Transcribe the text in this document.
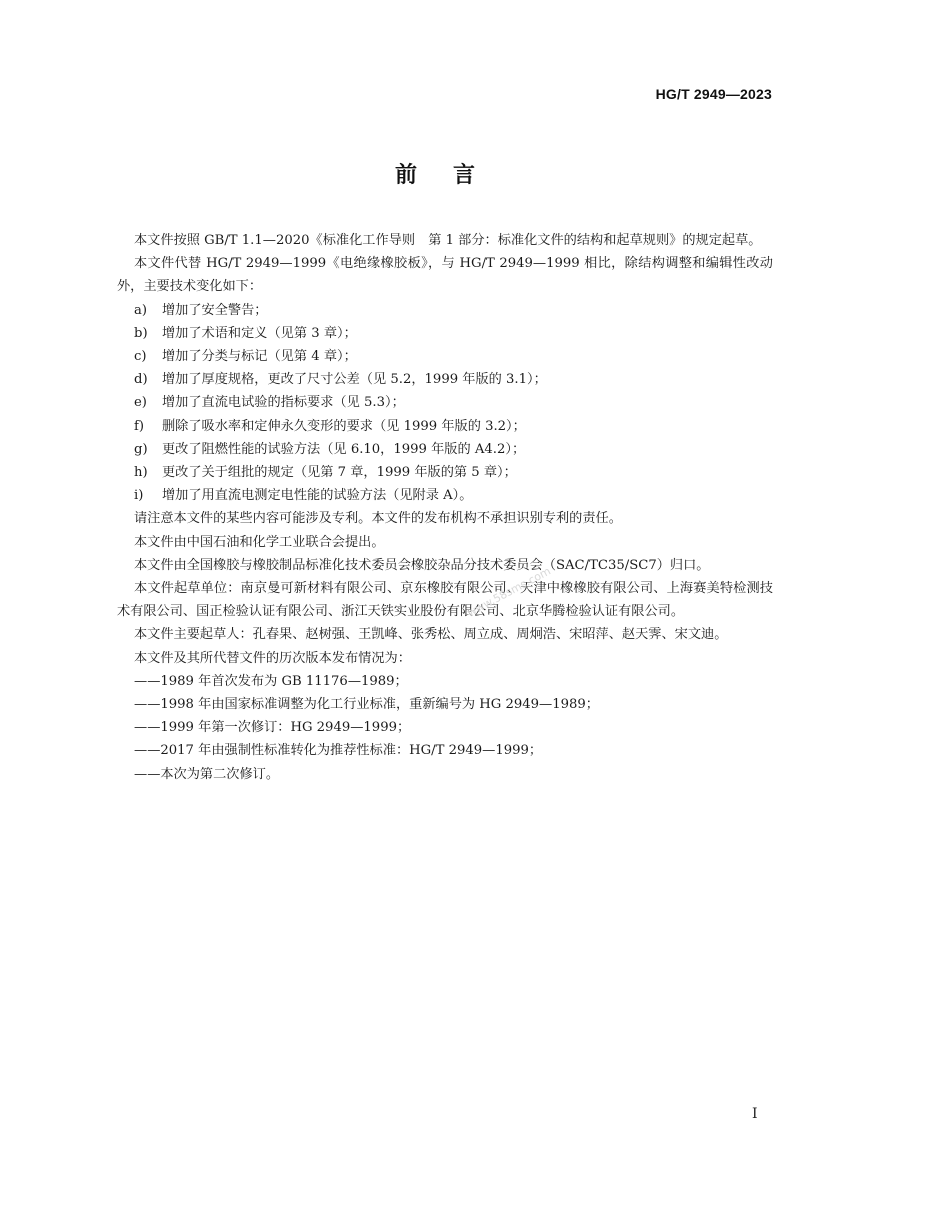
HG/T 2949—2023
前言

本文件按照 GB/T 1.1—2020《标准化工作导则　第 1 部分：标准化文件的结构和起草规则》的规定起草。

本文件代替 HG/T 2949—1999《电绝缘橡胶板》，与 HG/T 2949—1999 相比，除结构调整和编辑性改动外，主要技术变化如下：

a)	增加了安全警告；
b)	增加了术语和定义（见第 3 章）；
c)	增加了分类与标记（见第 4 章）；
d)	增加了厚度规格，更改了尺寸公差（见 5.2，1999 年版的 3.1）；
e)	增加了直流电试验的指标要求（见 5.3）；
f)	删除了吸水率和定伸永久变形的要求（见 1999 年版的 3.2）；
g)	更改了阻燃性能的试验方法（见 6.10，1999 年版的 A4.2）；
h)	更改了关于组批的规定（见第 7 章，1999 年版的第 5 章）；
i)	增加了用直流电测定电性能的试验方法（见附录 A）。

请注意本文件的某些内容可能涉及专利。本文件的发布机构不承担识别专利的责任。

本文件由中国石油和化学工业联合会提出。

本文件由全国橡胶与橡胶制品标准化技术委员会橡胶杂品分技术委员会（SAC/TC35/SC7）归口。

本文件起草单位：南京曼可新材料有限公司、京东橡胶有限公司、天津中橡橡胶有限公司、上海赛美特检测技术有限公司、国正检验认证有限公司、浙江天铁实业股份有限公司、北京华腾检验认证有限公司。

本文件主要起草人：孔春果、赵树强、王凯峰、张秀松、周立成、周炯浩、宋昭萍、赵天霁、宋文迪。

本文件及其所代替文件的历次版本发布情况为：

——1989 年首次发布为 GB 11176—1989；

——1998 年由国家标准调整为化工行业标准，重新编号为 HG 2949—1989；

——1999 年第一次修订：HG 2949—1999；

——2017 年由强制性标准转化为推荐性标准：HG/T 2949—1999；

——本次为第二次修订。

www.58sms.com
I
